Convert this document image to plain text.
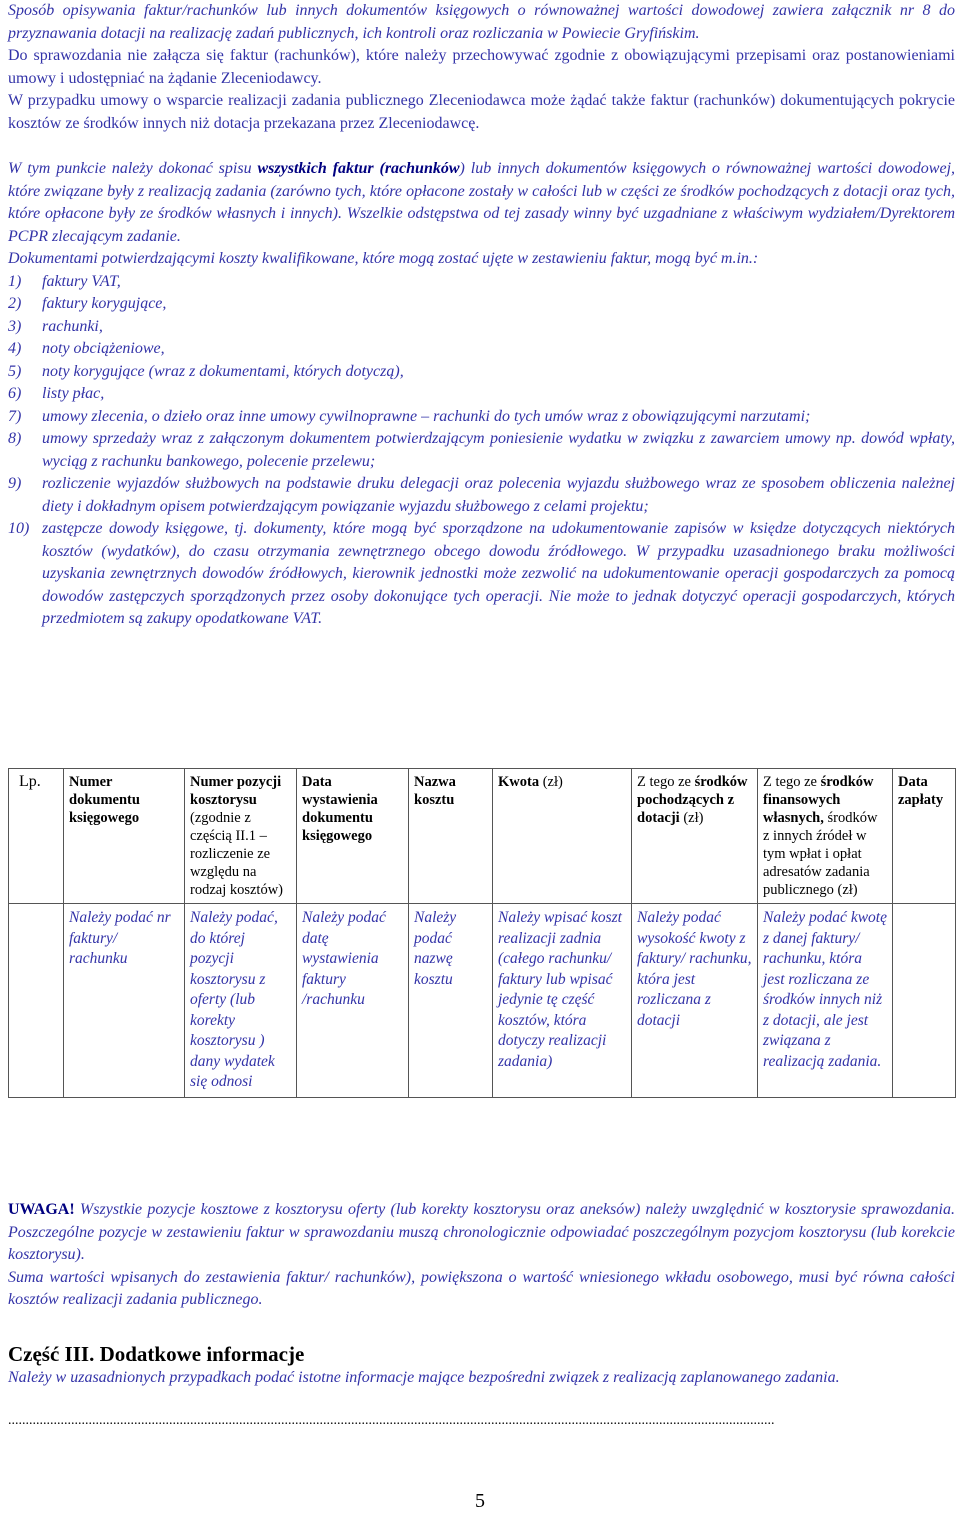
Sposób opisywania faktur/rachunków lub innych dokumentów księgowych o równoważnej wartości dowodowej zawiera załącznik nr 8 do przyznawania dotacji na realizację zadań publicznych, ich kontroli oraz rozliczania w Powiecie Gryfińskim.

Do sprawozdania nie załącza się faktur (rachunków), które należy przechowywać zgodnie z obowiązującymi przepisami oraz postanowieniami umowy i udostępniać na żądanie Zleceniodawcy.

W przypadku umowy o wsparcie realizacji zadania publicznego Zleceniodawca może żądać także faktur (rachunków) dokumentujących pokrycie kosztów ze środków innych niż dotacja przekazana przez Zleceniodawcę.

W tym punkcie należy dokonać spisu wszystkich faktur (rachunków) lub innych dokumentów księgowych o równoważnej wartości dowodowej, które związane były z realizacją zadania (zarówno tych, które opłacone zostały w całości lub w części ze środków pochodzących z dotacji oraz tych, które opłacone były ze środków własnych i innych). Wszelkie odstępstwa od tej zasady winny być uzgadniane z właściwym wydziałem/Dyrektorem PCPR zlecającym zadanie.

Dokumentami potwierdzającymi koszty kwalifikowane, które mogą zostać ujęte w zestawieniu faktur, mogą być m.in.:

1) faktury VAT,
2) faktury korygujące,
3) rachunki,
4) noty obciążeniowe,
5) noty korygujące (wraz z dokumentami, których dotyczą),
6) listy płac,
7) umowy zlecenia, o dzieło oraz inne umowy cywilnoprawne – rachunki do tych umów wraz z obowiązującymi narzutami;
8) umowy sprzedaży wraz z załączonym dokumentem potwierdzającym poniesienie wydatku w związku z zawarciem umowy np. dowód wpłaty, wyciąg z rachunku bankowego, polecenie przelewu;
9) rozliczenie wyjazdów służbowych na podstawie druku delegacji oraz polecenia wyjazdu służbowego wraz ze sposobem obliczenia należnej diety i dokładnym opisem potwierdzającym powiązanie wyjazdu służbowego z celami projektu;
10) zastępcze dowody księgowe, tj. dokumenty, które mogą być sporządzone na udokumentowanie zapisów w księdze dotyczących niektórych kosztów (wydatków), do czasu otrzymania zewnętrznego obcego dowodu źródłowego. W przypadku uzasadnionego braku możliwości uzyskania zewnętrznych dowodów źródłowych, kierownik jednostki może zezwolić na udokumentowanie operacji gospodarczych za pomocą dowodów zastępczych sporządzonych przez osoby dokonujące tych operacji. Nie może to jednak dotyczyć operacji gospodarczych, których przedmiotem są zakupy opodatkowane VAT.
Lp.	Numer dokumentu księgowego	Numer pozycji kosztorysu (zgodnie z częścią II.1 – rozliczenie ze względu na rodzaj kosztów)	Data wystawienia dokumentu księgowego	Nazwa kosztu	Kwota (zł)	Z tego ze środków pochodzących z dotacji (zł)	Z tego ze środków finansowych własnych, środków z innych źródeł w tym wpłat i opłat adresatów zadania publicznego (zł)	Data zapłaty
	Należy podać nr faktury/ rachunku	Należy podać, do której pozycji kosztorysu z oferty (lub korekty kosztorysu ) dany wydatek się odnosi	Należy podać datę wystawienia faktury /rachunku	Należy podać nazwę kosztu	Należy wpisać koszt realizacji zadnia (całego rachunku/ faktury lub wpisać jedynie tę część kosztów, która dotyczy realizacji zadania)	Należy podać wysokość kwoty z faktury/ rachunku, która jest rozliczana z dotacji	Należy podać kwotę z danej faktury/ rachunku, która jest rozliczana ze środków innych niż z dotacji, ale jest związana z realizacją zadania.	

UWAGA! Wszystkie pozycje kosztowe z kosztorysu oferty (lub korekty kosztorysu oraz aneksów) należy uwzględnić w kosztorysie sprawozdania. Poszczególne pozycje w zestawieniu faktur w sprawozdaniu muszą chronologicznie odpowiadać poszczególnym pozycjom kosztorysu (lub korekcie kosztorysu).

Suma wartości wpisanych do zestawienia faktur/ rachunków), powiększona o wartość wniesionego wkładu osobowego, musi być równa całości kosztów realizacji zadania publicznego.

Część III. Dodatkowe informacje

Należy w uzasadnionych przypadkach podać istotne informacje mające bezpośredni związek z realizacją zaplanowanego zadania.

...........................................................................................................................................................................................................................
5
